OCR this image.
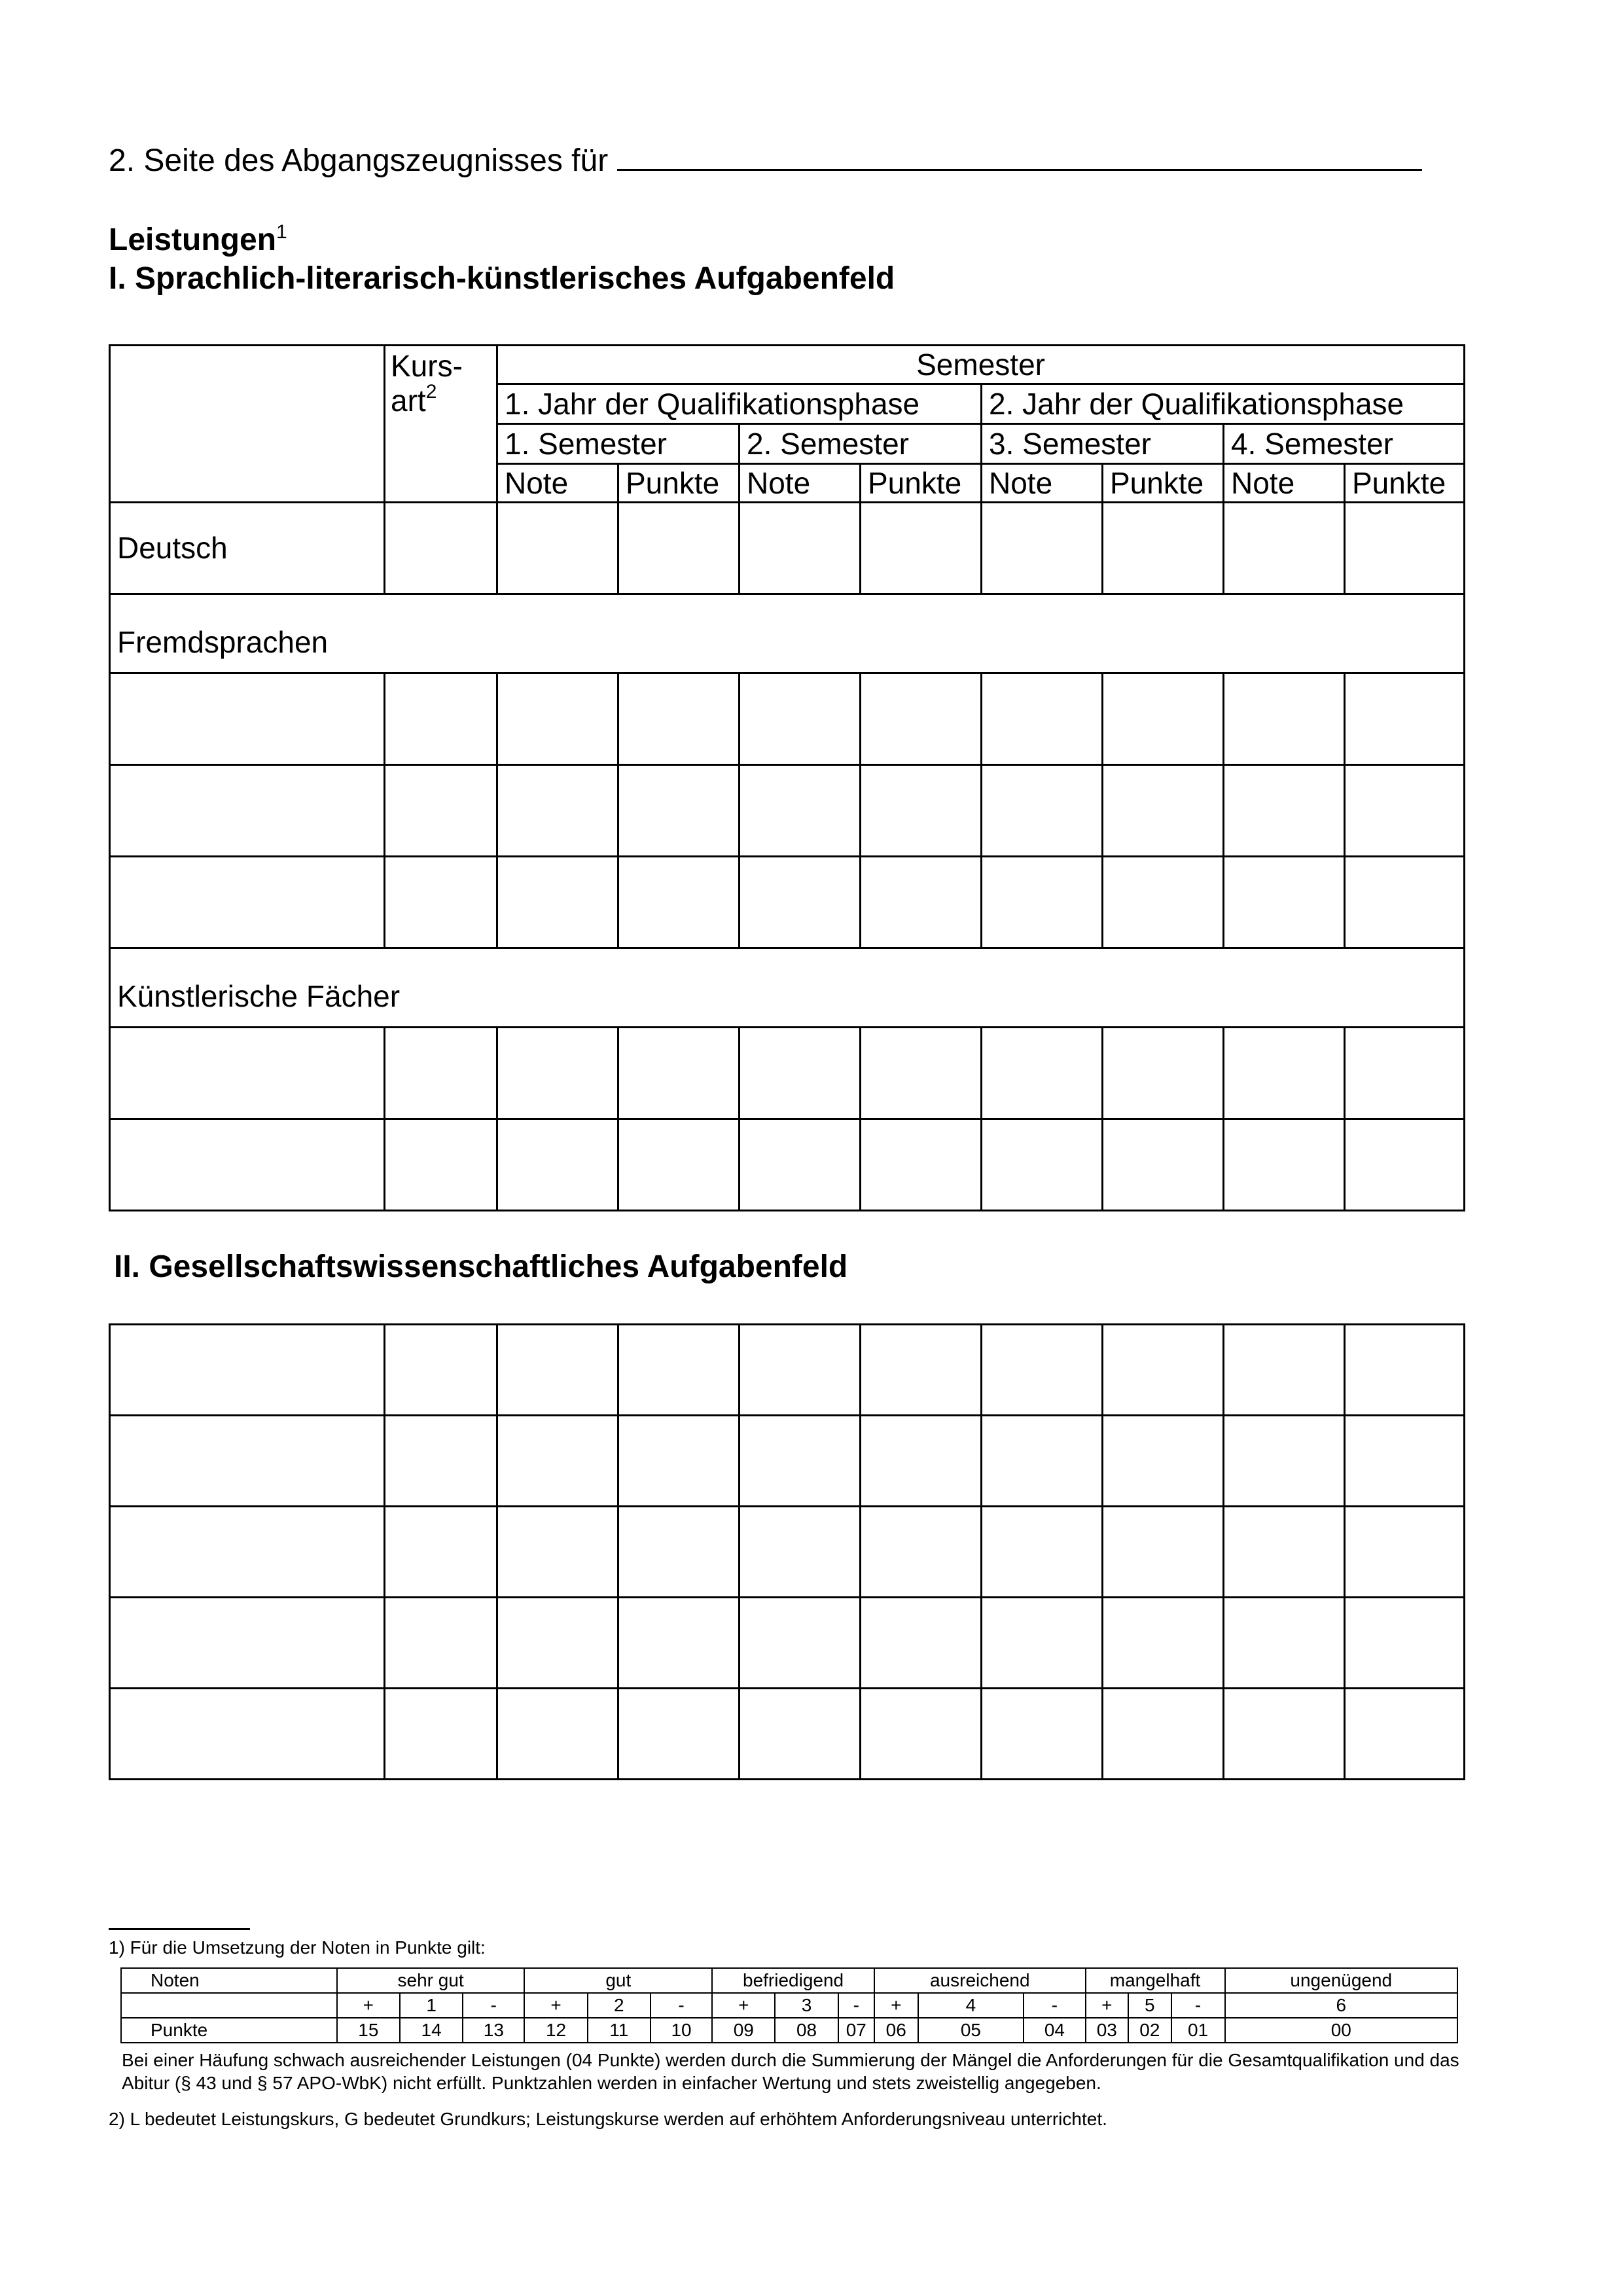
2. Seite des Abgangszeugnisses für
Leistungen$^1$
I. Sprachlich-literarisch-künstlerisches Aufgabenfeld
	Kurs-art$^2$	Semester							
		1. Jahr der Qualifikationsphase				2. Jahr der Qualifikationsphase			
		1. Semester		2. Semester		3. Semester		4. Semester	
		Note	Punkte	Note	Punkte	Note	Punkte	Note	Punkte
Deutsch									
Fremdsprachen									

Künstlerische Fächer									

II. Gesellschaftswissenschaftliches Aufgabenfeld

1) Für die Umsetzung der Noten in Punkte gilt:
Noten	sehr gut			gut			befriedigend			ausreichend			mangelhaft			ungenügend
	+	1	-	+	2	-	+	3	-	+	4	-	+	5	-	6
Punkte	15	14	13	12	11	10	09	08	07	06	05	04	03	02	01	00
Bei einer Häufung schwach ausreichender Leistungen (04 Punkte) werden durch die Summierung der Mängel die Anforderungen für die Gesamtqualifikation und das Abitur (§ 43 und § 57 APO-WbK) nicht erfüllt. Punktzahlen werden in einfacher Wertung und stets zweistellig angegeben.
2) L bedeutet Leistungskurs, G bedeutet Grundkurs; Leistungskurse werden auf erhöhtem Anforderungsniveau unterrichtet.
